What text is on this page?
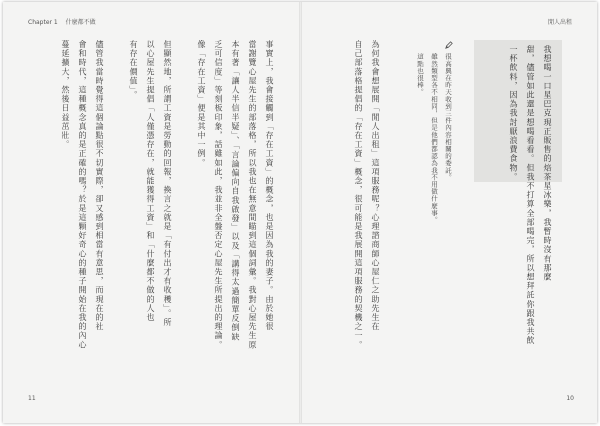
Chapter 1 什麼都不做	閒人出租
事實上，我會接觸到「存在工資」的概念，也是因為我的妻子。由於她很
當謝覽心屋先生的部落格，所以我也在無意間瞄到這個詞彙。我對心屋先生原
本有著「讓人半信半疑」、「言論偏向自我啟發」以及「講得太過簡單反倒缺
乏可信度」等刻板印象，話雖如此，我並非全盤否定心屋先生所提出的理論。
像「存在工資」便是其中一例。
但顯然地，所謂工資是勞動的回報，換言之就是「有付出才有收穫」。所
以心屋先生提倡「人僅憑存在，就能獲得工資」和「什麼都不做的人也
有存在價值」。
儘管我當時覺得這個論點很不切實際，卻又感到相當有意思，而現在的社
會和時代，這種概念真的是正確的嗎？於是這顆好奇心的種子開始在我的內心
蔓延擴大，然後日益茁壯。	我想喝一口星巴克現正販售的焙茶星冰樂，我暫時沒有那麼
甜，儘管如此還是想喝看看。但我不打算全部喝完，所以想拜託你跟我共飲
一杯飲料，因為我討厭浪費食物。
很高興在昨天收到三件內容相關的委託。
雖然類型各不相同，但是他們都認為我不用做什麼事。
這點也很棒。
為何我會想展開「閒人出租」這項服務呢？心理諮商師心屋仁之助先生在
自己部落格提倡的「存在工資」概念，很可能是我展開這項服務的契機之一。
11	10
